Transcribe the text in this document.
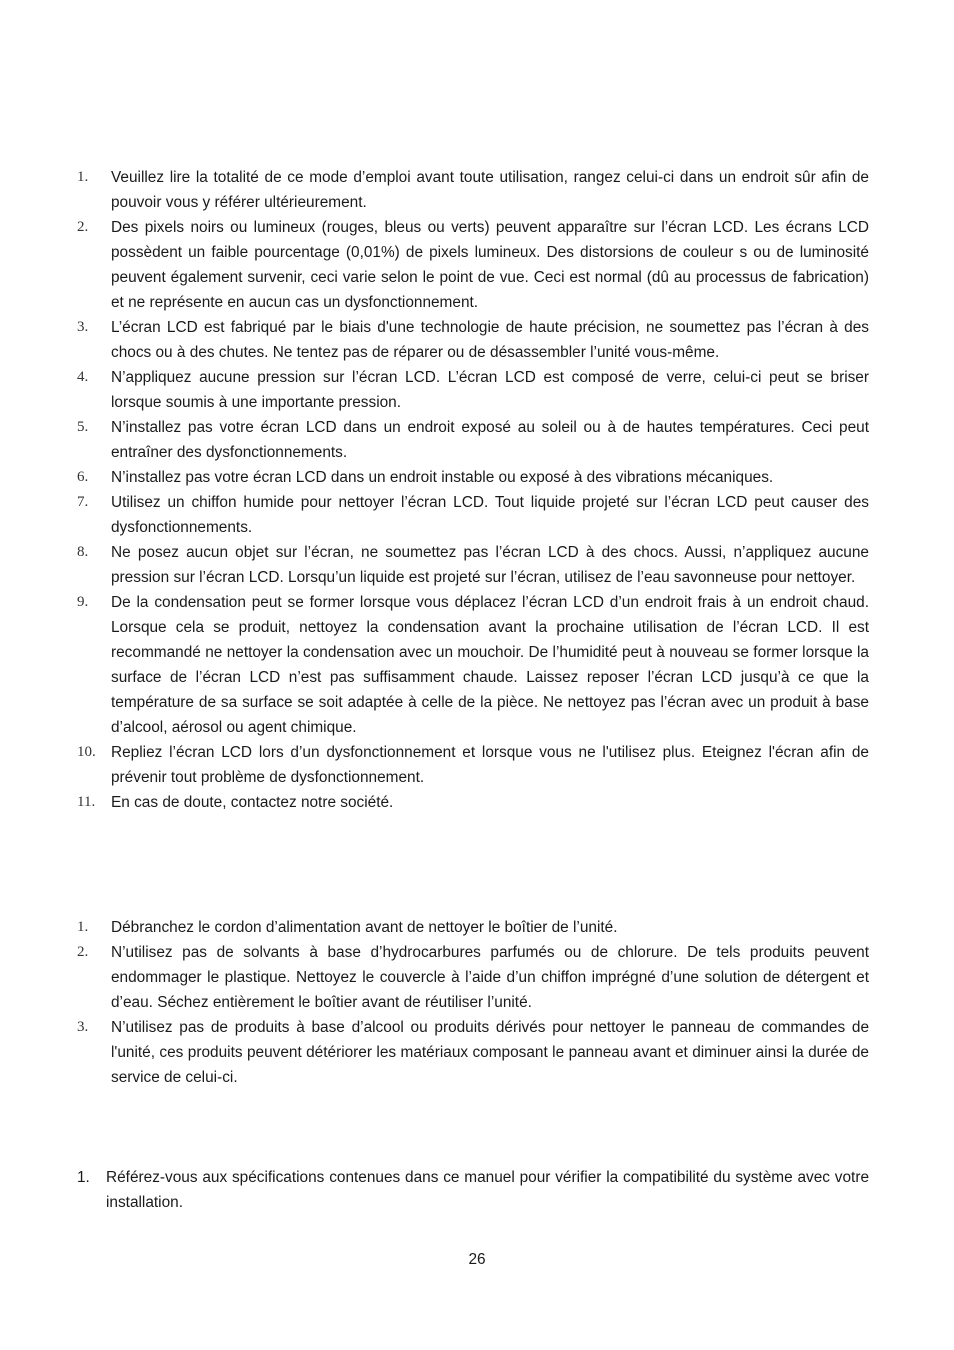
1. Veuillez lire la totalité de ce mode d’emploi avant toute utilisation, rangez celui-ci dans un endroit sûr afin de pouvoir vous y référer ultérieurement.
2. Des pixels noirs ou lumineux (rouges, bleus ou verts) peuvent apparaître sur l’écran LCD. Les écrans LCD possèdent un faible pourcentage (0,01%) de pixels lumineux. Des distorsions de couleur s ou de luminosité peuvent également survenir, ceci varie selon le point de vue. Ceci est normal (dû au processus de fabrication) et ne représente en aucun cas un dysfonctionnement.
3. L’écran LCD est fabriqué par le biais d'une technologie de haute précision, ne soumettez pas l’écran à des chocs ou à des chutes. Ne tentez pas de réparer ou de désassembler l’unité vous-même.
4. N’appliquez aucune pression sur l’écran LCD. L’écran LCD est composé de verre, celui-ci peut se briser lorsque soumis à une importante pression.
5. N’installez pas votre écran LCD dans un endroit exposé au soleil ou à de hautes températures. Ceci peut entraîner des dysfonctionnements.
6. N’installez pas votre écran LCD dans un endroit instable ou exposé à des vibrations mécaniques.
7. Utilisez un chiffon humide pour nettoyer l’écran LCD. Tout liquide projeté sur l’écran LCD peut causer des dysfonctionnements.
8. Ne posez aucun objet sur l’écran, ne soumettez pas l’écran LCD à des chocs. Aussi, n’appliquez aucune pression sur l’écran LCD. Lorsqu’un liquide est projeté sur l’écran, utilisez de l’eau savonneuse pour nettoyer.
9. De la condensation peut se former lorsque vous déplacez l’écran LCD d’un endroit frais à un endroit chaud. Lorsque cela se produit, nettoyez la condensation avant la prochaine utilisation de l’écran LCD. Il est recommandé ne nettoyer la condensation avec un mouchoir. De l’humidité peut à nouveau se former lorsque la surface de l’écran LCD n’est pas suffisamment chaude. Laissez reposer l’écran LCD jusqu’à ce que la température de sa surface se soit adaptée à celle de la pièce. Ne nettoyez pas l’écran avec un produit à base d’alcool, aérosol ou agent chimique.
10. Repliez l’écran LCD lors d’un dysfonctionnement et lorsque vous ne l'utilisez plus. Eteignez l'écran afin de prévenir tout problème de dysfonctionnement.
11. En cas de doute, contactez notre société.
1. Débranchez le cordon d’alimentation avant de nettoyer le boîtier de l’unité.
2. N’utilisez pas de solvants à base d’hydrocarbures parfumés ou de chlorure. De tels produits peuvent endommager le plastique. Nettoyez le couvercle à l’aide d’un chiffon imprégné d’une solution de détergent et d’eau. Séchez entièrement le boîtier avant de réutiliser l’unité.
3. N’utilisez pas de produits à base d’alcool ou produits dérivés pour nettoyer le panneau de commandes de l'unité, ces produits peuvent détériorer les matériaux composant le panneau avant et diminuer ainsi la durée de service de celui-ci.
1. Référez-vous aux spécifications contenues dans ce manuel pour vérifier la compatibilité du système avec votre installation.
26
